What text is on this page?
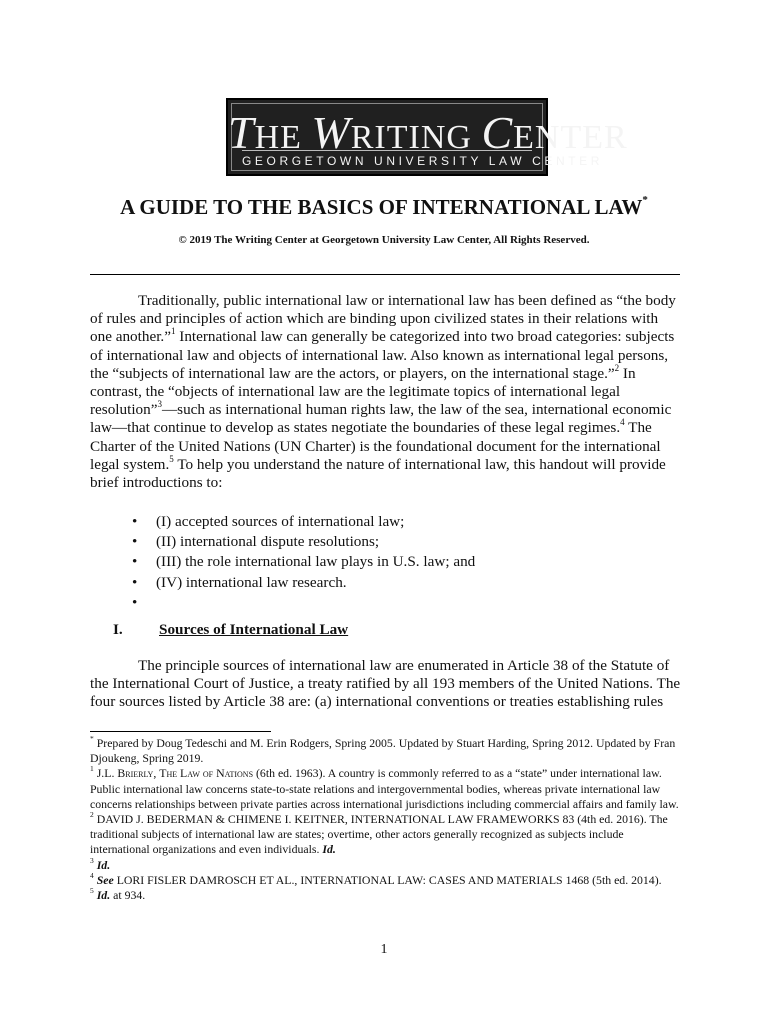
THE WRITING CENTER
GEORGETOWN UNIVERSITY LAW CENTER
A GUIDE TO THE BASICS OF INTERNATIONAL LAW*
© 2019 The Writing Center at Georgetown University Law Center, All Rights Reserved.

Traditionally, public international law or international law has been defined as “the body of rules and principles of action which are binding upon civilized states in their relations with one another.”$^1$ International law can generally be categorized into two broad categories: subjects of international law and objects of international law. Also known as international legal persons, the “subjects of international law are the actors, or players, on the international stage.”$^2$ In contrast, the “objects of international law are the legitimate topics of international legal resolution”$^3$—such as international human rights law, the law of the sea, international economic law—that continue to develop as states negotiate the boundaries of these legal regimes.$^4$ The Charter of the United Nations (UN Charter) is the foundational document for the international legal system.$^5$ To help you understand the nature of international law, this handout will provide brief introductions to:

• (I) accepted sources of international law;
• (II) international dispute resolutions;
• (III) the role international law plays in U.S. law; and
• (IV) international law research.
•
I. Sources of International Law

The principle sources of international law are enumerated in Article 38 of the Statute of the International Court of Justice, a treaty ratified by all 193 members of the United Nations. The four sources listed by Article 38 are: (a) international conventions or treaties establishing rules

* Prepared by Doug Tedeschi and M. Erin Rodgers, Spring 2005. Updated by Stuart Harding, Spring 2012. Updated by Fran Djoukeng, Spring 2019.

$^1$ J.L. Brierly, The Law of Nations (6th ed. 1963). A country is commonly referred to as a “state” under international law. Public international law concerns state-to-state relations and intergovernmental bodies, whereas private international law concerns relationships between private parties across international jurisdictions including commercial affairs and family law.

$^2$ DAVID J. BEDERMAN & CHIMENE I. KEITNER, INTERNATIONAL LAW FRAMEWORKS 83 (4th ed. 2016). The traditional subjects of international law are states; overtime, other actors generally recognized as subjects include international organizations and even individuals. Id.

$^3$ Id.

$^4$ See LORI FISLER DAMROSCH ET AL., INTERNATIONAL LAW: CASES AND MATERIALS 1468 (5th ed. 2014).

$^5$ Id. at 934.

1
